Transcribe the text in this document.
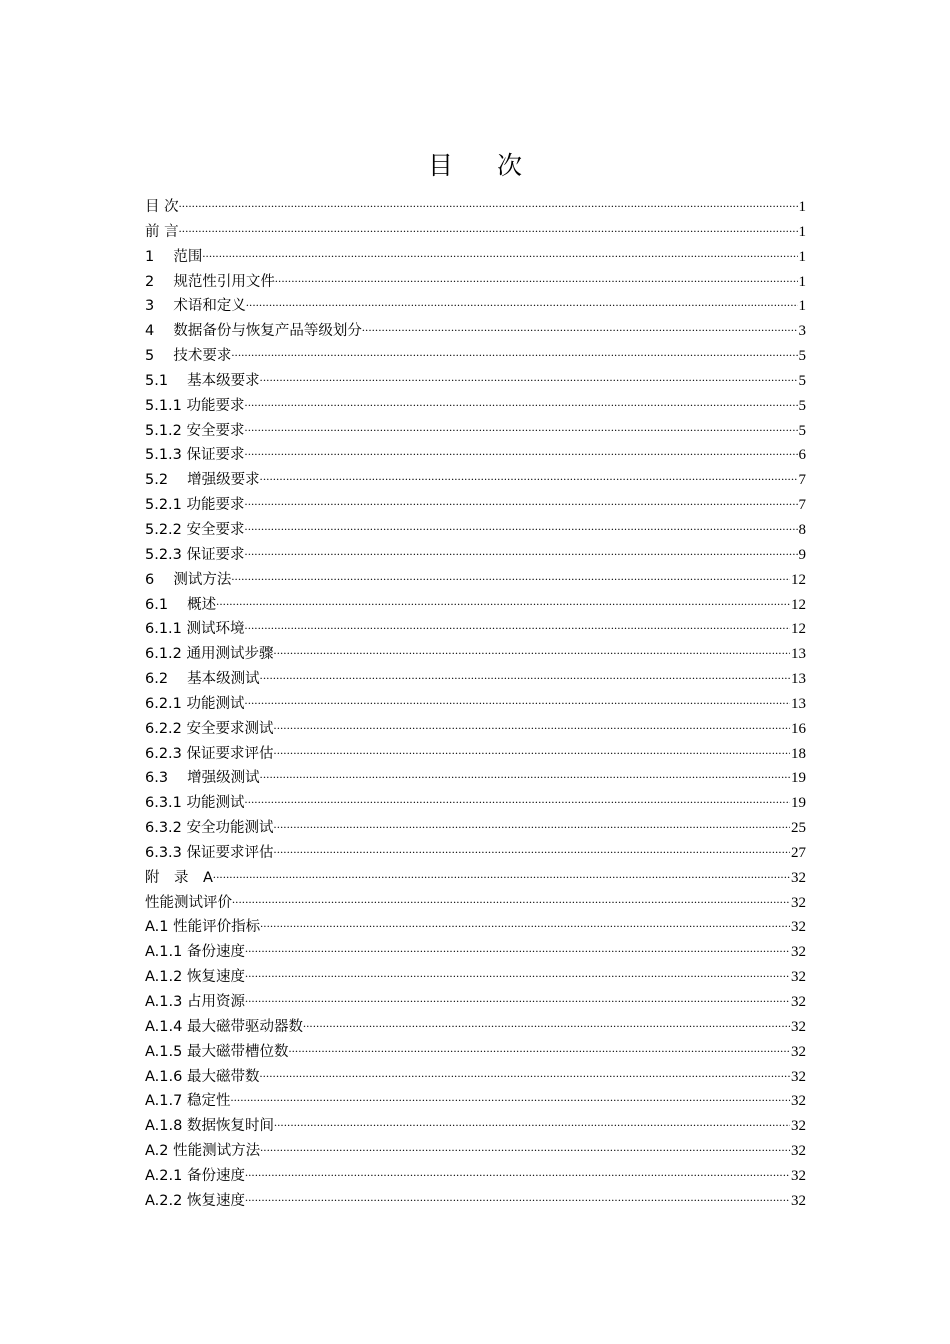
目 次
目 次 .....	1
前 言 .....	1
1　 范围 .....	1
2　 规范性引用文件 .....	1
3　 术语和定义 .....	1
4　 数据备份与恢复产品等级划分 .....	3
5　 技术要求 .....	5
5.1　 基本级要求 .....	5
5.1.1 功能要求 .....	5
5.1.2 安全要求 .....	5
5.1.3 保证要求 .....	6
5.2　 增强级要求 .....	7
5.2.1 功能要求 .....	7
5.2.2 安全要求 .....	8
5.2.3 保证要求 .....	9
6　 测试方法 .....	12
6.1　 概述 .....	12
6.1.1 测试环境 .....	12
6.1.2 通用测试步骤 .....	13
6.2　 基本级测试 .....	13
6.2.1 功能测试 .....	13
6.2.2 安全要求测试 .....	16
6.2.3 保证要求评估 .....	18
6.3　 增强级测试 .....	19
6.3.1 功能测试 .....	19
6.3.2 安全功能测试 .....	25
6.3.3 保证要求评估 .....	27
附　录　A .....	32
性能测试评价 .....	32
A.1 性能评价指标 .....	32
A.1.1 备份速度 .....	32
A.1.2 恢复速度 .....	32
A.1.3 占用资源 .....	32
A.1.4 最大磁带驱动器数 .....	32
A.1.5 最大磁带槽位数 .....	32
A.1.6 最大磁带数 .....	32
A.1.7 稳定性 .....	32
A.1.8 数据恢复时间 .....	32
A.2 性能测试方法 .....	32
A.2.1 备份速度 .....	32
A.2.2 恢复速度 .....	32
